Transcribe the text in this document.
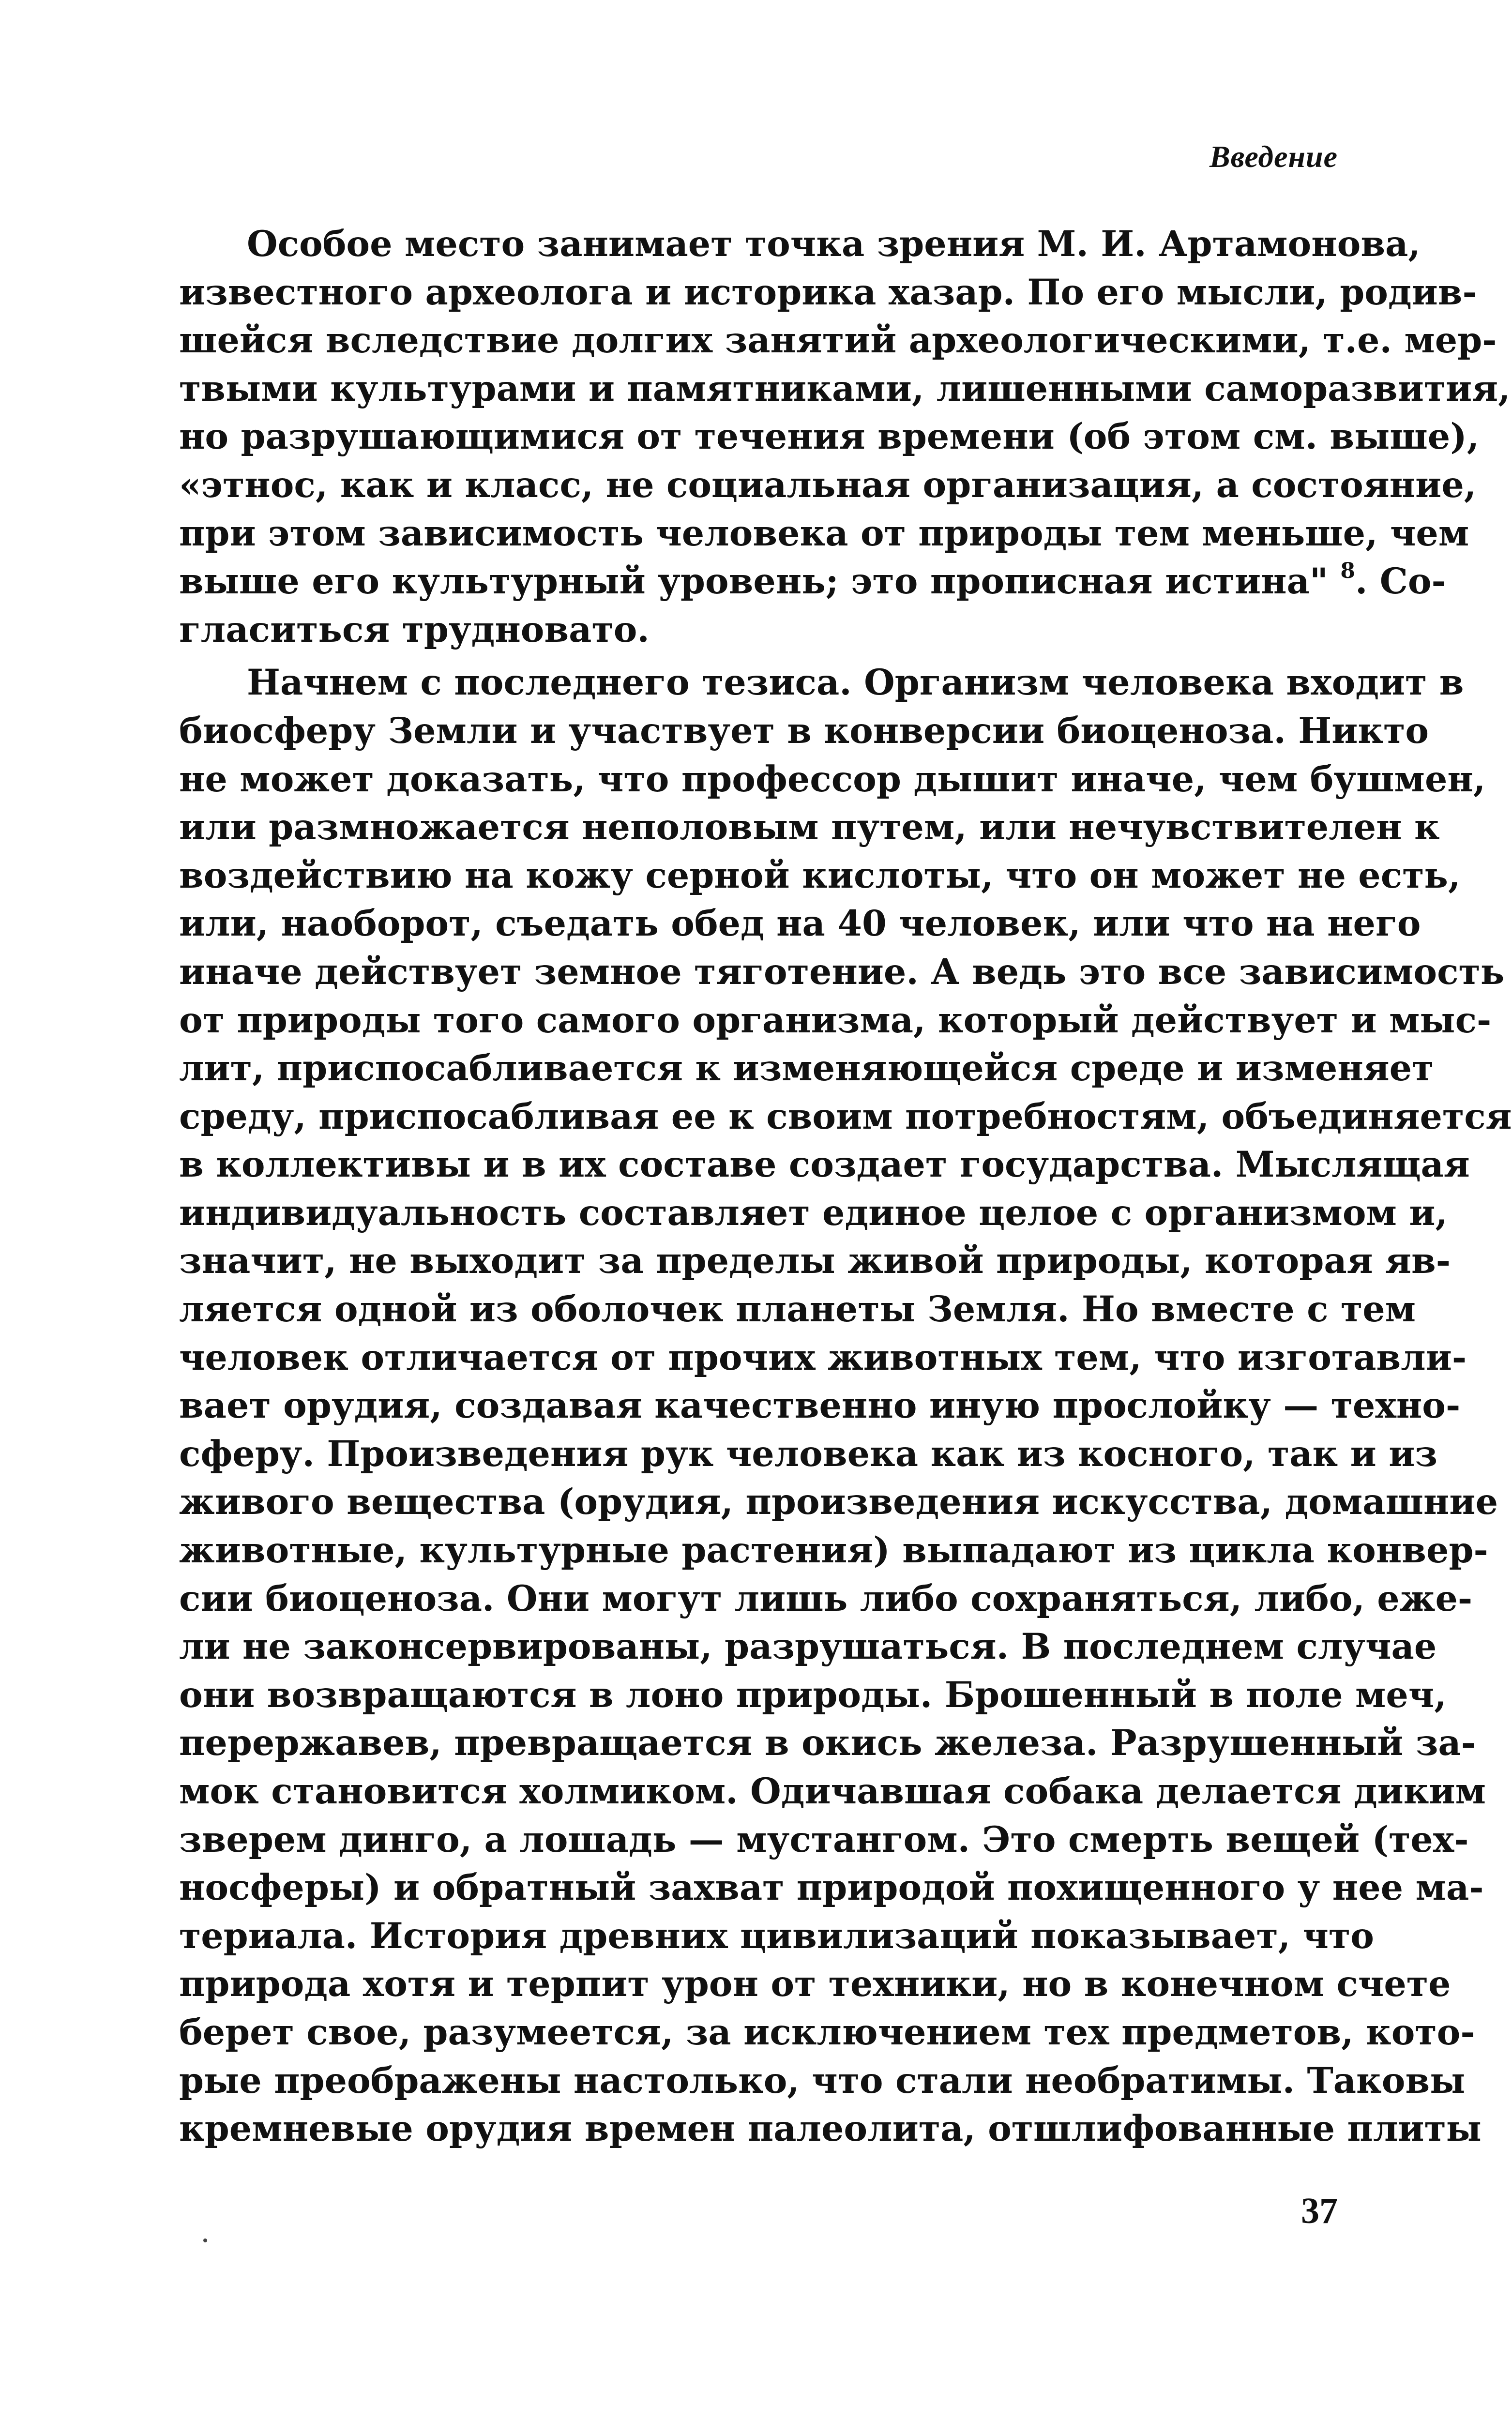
Введение
Особое место занимает точка зрения М. И. Артамонова,
известного археолога и историка хазар. По его мысли, родив-
шейся вследствие долгих занятий археологическими, т.е. мер-
твыми культурами и памятниками, лишенными саморазвития,
но разрушающимися от течения времени (об этом см. выше),
«этнос, как и класс, не социальная организация, а состояние,
при этом зависимость человека от природы тем меньше, чем
выше его культурный уровень; это прописная истина" $^8$. Со-
гласиться трудновато.
Начнем с последнего тезиса. Организм человека входит в
биосферу Земли и участвует в конверсии биоценоза. Никто
не может доказать, что профессор дышит иначе, чем бушмен,
или размножается неполовым путем, или нечувствителен к
воздействию на кожу серной кислоты, что он может не есть,
или, наоборот, съедать обед на 40 человек, или что на него
иначе действует земное тяготение. А ведь это все зависимость
от природы того самого организма, который действует и мыс-
лит, приспосабливается к изменяющейся среде и изменяет
среду, приспосабливая ее к своим потребностям, объединяется
в коллективы и в их составе создает государства. Мыслящая
индивидуальность составляет единое целое с организмом и,
значит, не выходит за пределы живой природы, которая яв-
ляется одной из оболочек планеты Земля. Но вместе с тем
человек отличается от прочих животных тем, что изготавли-
вает орудия, создавая качественно иную прослойку — техно-
сферу. Произведения рук человека как из косного, так и из
живого вещества (орудия, произведения искусства, домашние
животные, культурные растения) выпадают из цикла конвер-
сии биоценоза. Они могут лишь либо сохраняться, либо, еже-
ли не законсервированы, разрушаться. В последнем случае
они возвращаются в лоно природы. Брошенный в поле меч,
перержавев, превращается в окись железа. Разрушенный за-
мок становится холмиком. Одичавшая собака делается диким
зверем динго, а лошадь — мустангом. Это смерть вещей (тех-
носферы) и обратный захват природой похищенного у нее ма-
териала. История древних цивилизаций показывает, что
природа хотя и терпит урон от техники, но в конечном счете
берет свое, разумеется, за исключением тех предметов, кото-
рые преображены настолько, что стали необратимы. Таковы
кремневые орудия времен палеолита, отшлифованные плиты
37
